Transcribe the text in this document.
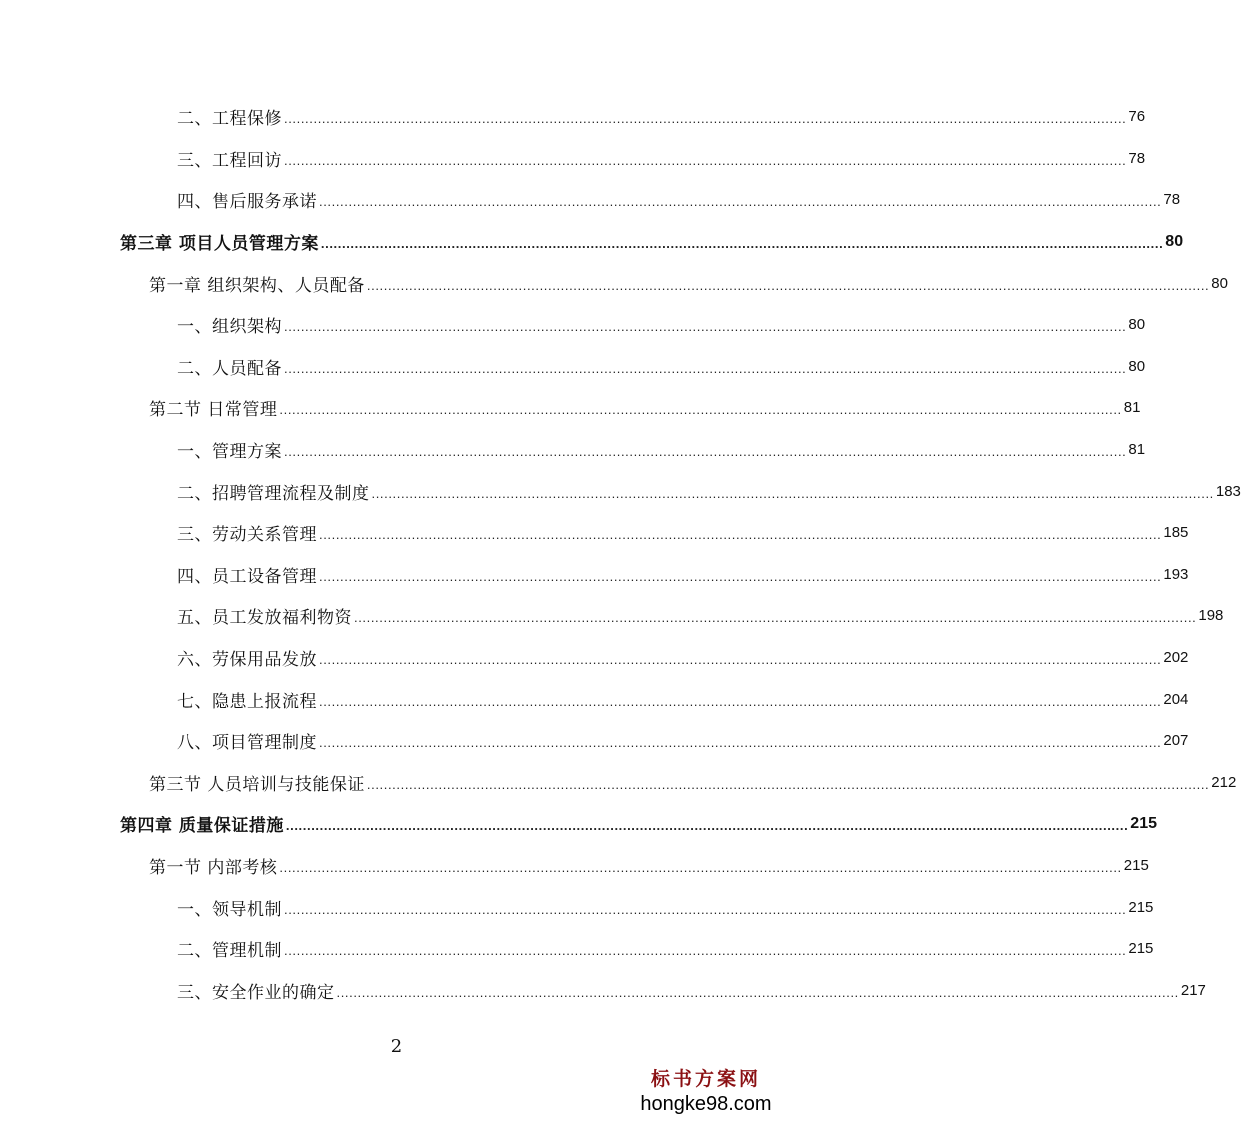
二、工程保修 ........................................................................................................................................................................................................ 76
三、工程回访 ........................................................................................................................................................................................................ 78
四、售后服务承诺 ........................................................................................................................................................................................................ 78
第三章 项目人员管理方案 ........................................................................................................................................................................................................ 80
第一章 组织架构、人员配备 ........................................................................................................................................................................................................ 80
一、组织架构 ........................................................................................................................................................................................................ 80
二、人员配备 ........................................................................................................................................................................................................ 80
第二节 日常管理 ........................................................................................................................................................................................................ 81
一、管理方案 ........................................................................................................................................................................................................ 81
二、招聘管理流程及制度 ........................................................................................................................................................................................................ 183
三、劳动关系管理 ........................................................................................................................................................................................................ 185
四、员工设备管理 ........................................................................................................................................................................................................ 193
五、员工发放福利物资 ........................................................................................................................................................................................................ 198
六、劳保用品发放 ........................................................................................................................................................................................................ 202
七、隐患上报流程 ........................................................................................................................................................................................................ 204
八、项目管理制度 ........................................................................................................................................................................................................ 207
第三节 人员培训与技能保证 ........................................................................................................................................................................................................ 212
第四章 质量保证措施 ........................................................................................................................................................................................................ 215
第一节 内部考核 ........................................................................................................................................................................................................ 215
一、领导机制 ........................................................................................................................................................................................................ 215
二、管理机制 ........................................................................................................................................................................................................ 215
三、安全作业的确定 ........................................................................................................................................................................................................ 217
2
标书方案网
hongke98.com
